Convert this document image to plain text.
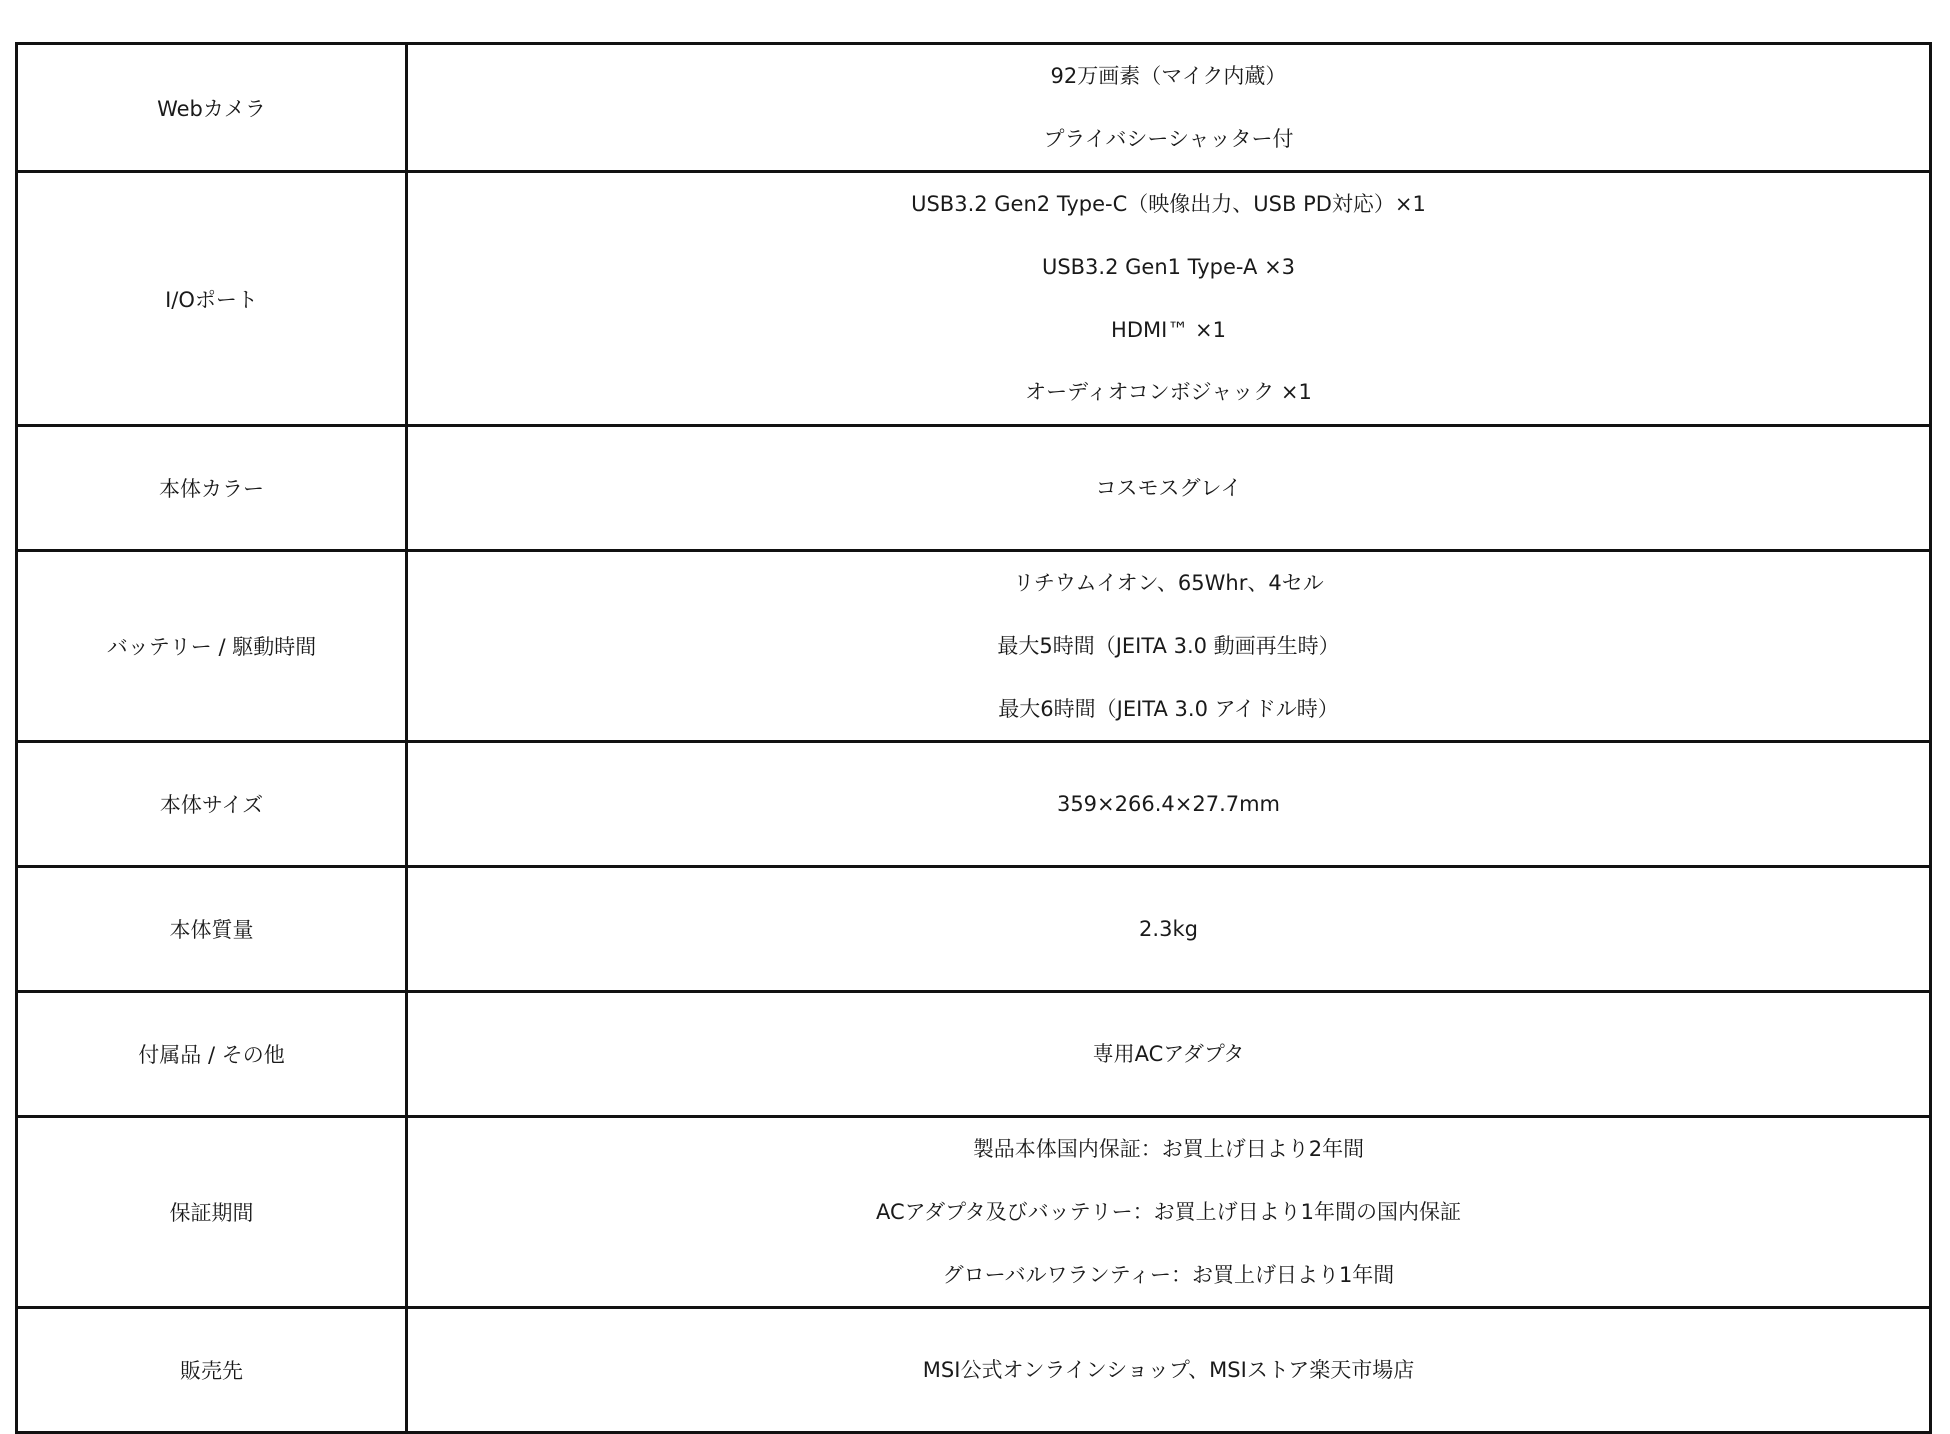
Webカメラ	92万画素（マイク内蔵）
プライバシーシャッター付

I/Oポート	USB3.2 Gen2 Type-C（映像出力、USB PD対応）×1
USB3.2 Gen1 Type-A ×3
HDMI™ ×1
オーディオコンボジャック ×1

本体カラー	コスモスグレイ

バッテリー / 駆動時間	リチウムイオン、65Whr、4セル
最大5時間（JEITA 3.0 動画再生時）
最大6時間（JEITA 3.0 アイドル時）

本体サイズ	359×266.4×27.7mm

本体質量	2.3kg

付属品 / その他	専用ACアダプタ

保証期間	製品本体国内保証：お買上げ日より2年間
ACアダプタ及びバッテリー：お買上げ日より1年間の国内保証
グローバルワランティー：お買上げ日より1年間

販売先	MSI公式オンラインショップ、MSIストア楽天市場店
